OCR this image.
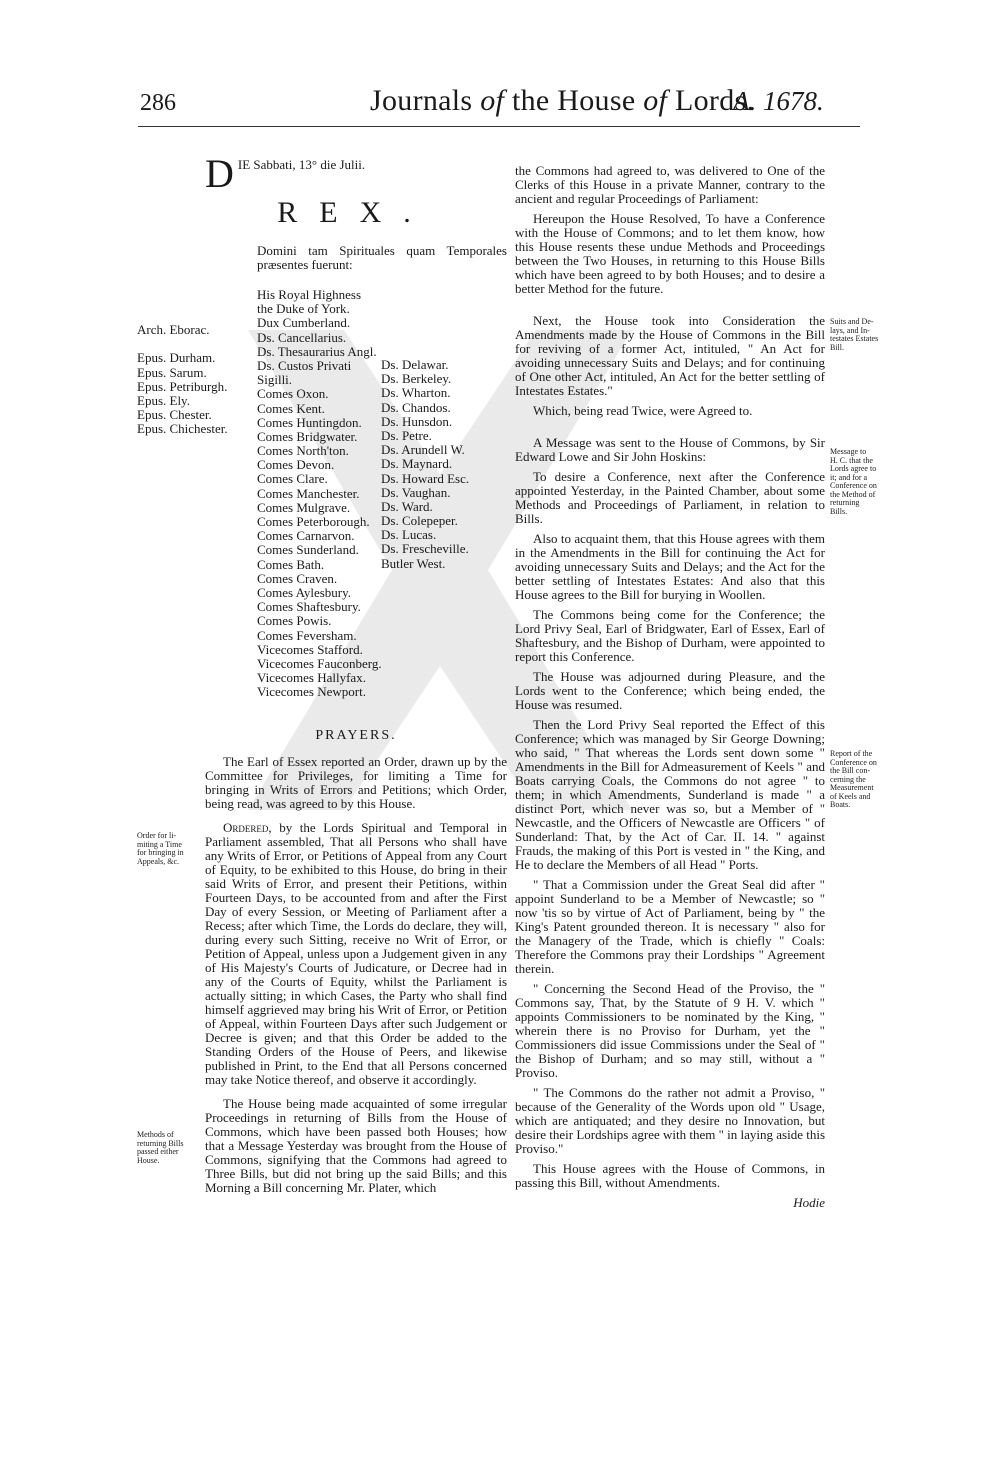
286	Journals of the House of Lords.
A. 1678.

DIE Sabbati, 13° die Julii.

REX.
Domini tam Spirituales quam Temporales præsentes fuerunt:
Arch. Eborac.
Epus. Durham.
Epus. Sarum.
Epus. Petriburgh.
Epus. Ely.
Epus. Chester.
Epus. Chichester.
His Royal Highness
the Duke of York.
Dux Cumberland.
Ds. Cancellarius.
Ds. Thesaurarius Angl.
Ds. Custos Privati
Sigilli.
Comes Oxon.
Comes Kent.
Comes Huntingdon.
Comes Bridgwater.
Comes North'ton.
Comes Devon.
Comes Clare.
Comes Manchester.
Comes Mulgrave.
Comes Peterborough.
Comes Carnarvon.
Comes Sunderland.
Comes Bath.
Comes Craven.
Comes Aylesbury.
Comes Shaftesbury.
Comes Powis.
Comes Feversham.
Vicecomes Stafford.
Vicecomes Fauconberg.
Vicecomes Hallyfax.
Vicecomes Newport.
Ds. Delawar.
Ds. Berkeley.
Ds. Wharton.
Ds. Chandos.
Ds. Hunsdon.
Ds. Petre.
Ds. Arundell W.
Ds. Maynard.
Ds. Howard Esc.
Ds. Vaughan.
Ds. Ward.
Ds. Colepeper.
Ds. Lucas.
Ds. Frescheville.
Butler West.
PRAYERS.

The Earl of Essex reported an Order, drawn up by the Committee for Privileges, for limiting a Time for bringing in Writs of Errors and Petitions; which Order, being read, was agreed to by this House.

Ordered, by the Lords Spiritual and Temporal in Parliament assembled, That all Persons who shall have any Writs of Error, or Petitions of Appeal from any Court of Equity, to be exhibited to this House, do bring in their said Writs of Error, and present their Petitions, within Fourteen Days, to be accounted from and after the First Day of every Session, or Meeting of Parliament after a Recess; after which Time, the Lords do declare, they will, during every such Sitting, receive no Writ of Error, or Petition of Appeal, unless upon a Judgement given in any of His Majesty's Courts of Judicature, or Decree had in any of the Courts of Equity, whilst the Parliament is actually sitting; in which Cases, the Party who shall find himself aggrieved may bring his Writ of Error, or Petition of Appeal, within Fourteen Days after such Judgement or Decree is given; and that this Order be added to the Standing Orders of the House of Peers, and likewise published in Print, to the End that all Persons concerned may take Notice thereof, and observe it accordingly.

The House being made acquainted of some irregular Proceedings in returning of Bills from the House of Commons, which have been passed both Houses; how that a Message Yesterday was brought from the House of Commons, signifying that the Commons had agreed to Three Bills, but did not bring up the said Bills; and this Morning a Bill concerning Mr. Plater, which

Order for li-
miting a Time
for bringing in
Appeals, &c.
Methods of
returning Bills
passed either
House.

the Commons had agreed to, was delivered to One of the Clerks of this House in a private Manner, contrary to the ancient and regular Proceedings of Parliament:

Hereupon the House Resolved, To have a Conference with the House of Commons; and to let them know, how this House resents these undue Methods and Proceedings between the Two Houses, in returning to this House Bills which have been agreed to by both Houses; and to desire a better Method for the future.

Next, the House took into Consideration the Amendments made by the House of Commons in the Bill for reviving of a former Act, intituled, " An Act for avoiding unnecessary Suits and Delays; and for continuing of One other Act, intituled, An Act for the better settling of Intestates Estates."

Which, being read Twice, were Agreed to.

A Message was sent to the House of Commons, by Sir Edward Lowe and Sir John Hoskins:

To desire a Conference, next after the Conference appointed Yesterday, in the Painted Chamber, about some Methods and Proceedings of Parliament, in relation to Bills.

Also to acquaint them, that this House agrees with them in the Amendments in the Bill for continuing the Act for avoiding unnecessary Suits and Delays; and the Act for the better settling of Intestates Estates: And also that this House agrees to the Bill for burying in Woollen.

The Commons being come for the Conference; the Lord Privy Seal, Earl of Bridgwater, Earl of Essex, Earl of Shaftesbury, and the Bishop of Durham, were appointed to report this Conference.

The House was adjourned during Pleasure, and the Lords went to the Conference; which being ended, the House was resumed.

Then the Lord Privy Seal reported the Effect of this Conference; which was managed by Sir George Downing; who said, " That whereas the Lords sent down some " Amendments in the Bill for Admeasurement of Keels " and Boats carrying Coals, the Commons do not agree " to them; in which Amendments, Sunderland is made " a distinct Port, which never was so, but a Member of " Newcastle, and the Officers of Newcastle are Officers " of Sunderland: That, by the Act of Car. II. 14. " against Frauds, the making of this Port is vested in " the King, and He to declare the Members of all Head " Ports.

" That a Commission under the Great Seal did after " appoint Sunderland to be a Member of Newcastle; so " now 'tis so by virtue of Act of Parliament, being by " the King's Patent grounded thereon. It is necessary " also for the Managery of the Trade, which is chiefly " Coals: Therefore the Commons pray their Lordships " Agreement therein.

" Concerning the Second Head of the Proviso, the " Commons say, That, by the Statute of 9 H. V. which " appoints Commissioners to be nominated by the King, " wherein there is no Proviso for Durham, yet the " Commissioners did issue Commissions under the Seal of " the Bishop of Durham; and so may still, without a " Proviso.

" The Commons do the rather not admit a Proviso, " because of the Generality of the Words upon old " Usage, which are antiquated; and they desire no Innovation, but desire their Lordships agree with them " in laying aside this Proviso."

This House agrees with the House of Commons, in passing this Bill, without Amendments.

Hodie
Suits and De-
lays, and In-
testates Estates
Bill.
Message to
H. C. that the
Lords agree to
it; and for a
Conference on
the Method of
returning
Bills.
Report of the
Conference on
the Bill con-
cerning the
Measurement
of Keels and
Boats.
